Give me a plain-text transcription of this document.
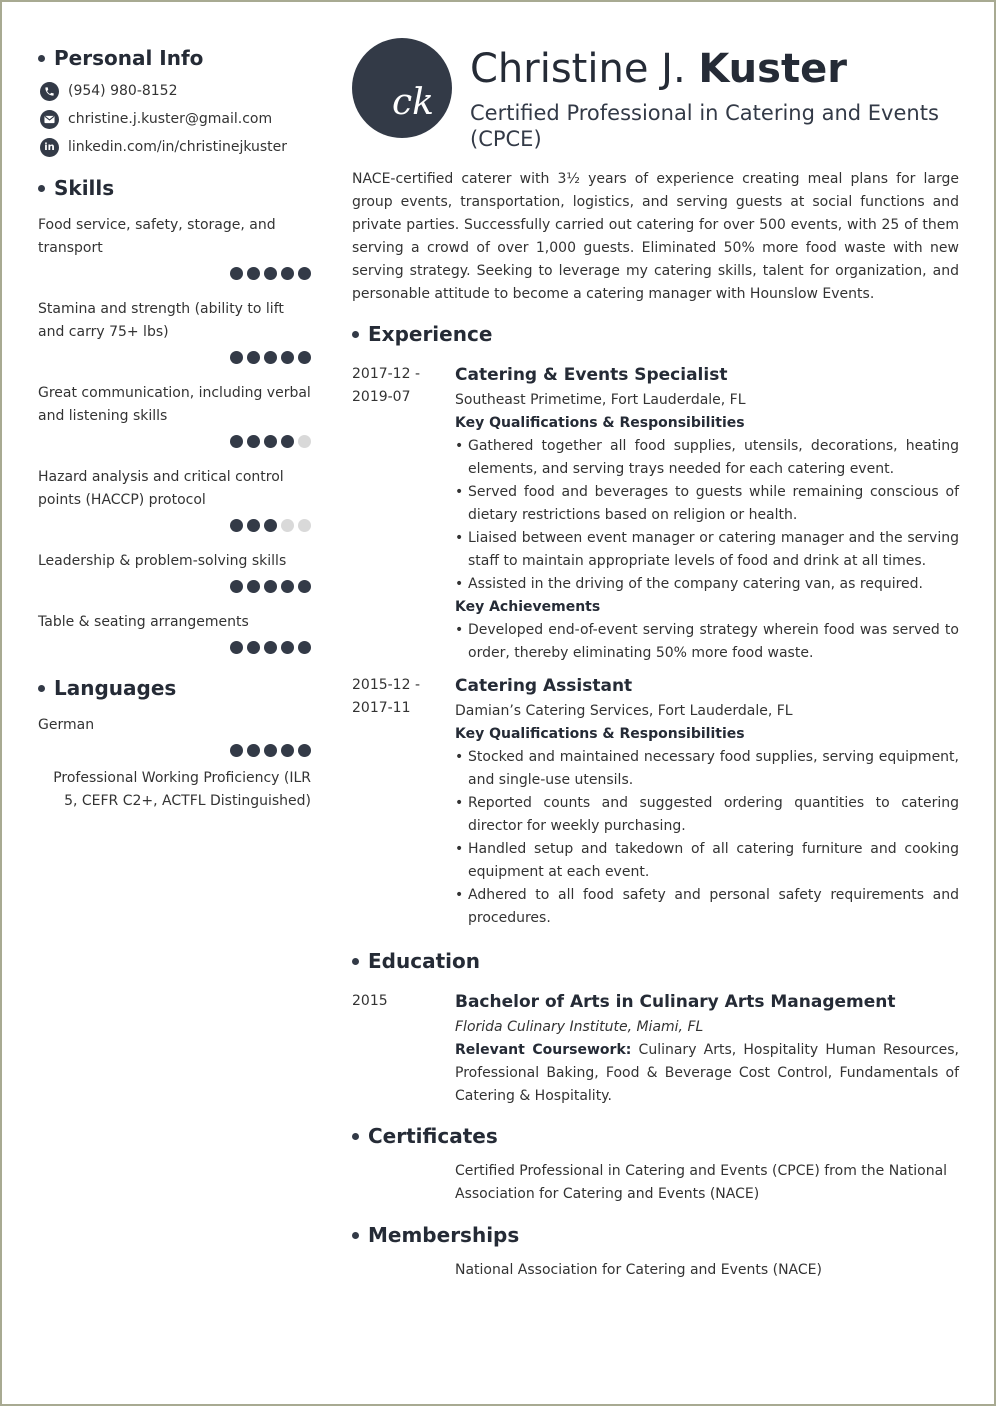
Personal Info
(954) 980-8152
christine.j.kuster@gmail.com
in linkedin.com/in/christinejkuster
Skills
Food service, safety, storage, and transport
Stamina and strength (ability to lift and carry 75+ lbs)
Great communication, including verbal and listening skills
Hazard analysis and critical control points (HACCP) protocol
Leadership & problem-solving skills
Table & seating arrangements
Languages
German
Professional Working Proficiency (ILR 5, CEFR C2+, ACTFL Distinguished)
ck
Christine J. Kuster
Certified Professional in Catering and Events (CPCE)
NACE-certified caterer with 3½ years of experience creating meal plans for large group events, transportation, logistics, and serving guests at social functions and private parties. Successfully carried out catering for over 500 events, with 25 of them serving a crowd of over 1,000 guests. Eliminated 50% more food waste with new serving strategy. Seeking to leverage my catering skills, talent for organization, and personable attitude to become a catering manager with Hounslow Events.
Experience
2017-12 - 2019-07
Catering & Events Specialist
Southeast Primetime, Fort Lauderdale, FL
Key Qualifications & Responsibilities
• Gathered together all food supplies, utensils, decorations, heating elements, and serving trays needed for each catering event.
• Served food and beverages to guests while remaining conscious of dietary restrictions based on religion or health.
• Liaised between event manager or catering manager and the serving staff to maintain appropriate levels of food and drink at all times.
• Assisted in the driving of the company catering van, as required.
Key Achievements
• Developed end-of-event serving strategy wherein food was served to order, thereby eliminating 50% more food waste.
2015-12 - 2017-11
Catering Assistant
Damian’s Catering Services, Fort Lauderdale, FL
Key Qualifications & Responsibilities
• Stocked and maintained necessary food supplies, serving equipment, and single-use utensils.
• Reported counts and suggested ordering quantities to catering director for weekly purchasing.
• Handled setup and takedown of all catering furniture and cooking equipment at each event.
• Adhered to all food safety and personal safety requirements and procedures.
Education
2015	Bachelor of Arts in Culinary Arts Management
Florida Culinary Institute, Miami, FL
Relevant Coursework: Culinary Arts, Hospitality Human Resources, Professional Baking, Food & Beverage Cost Control, Fundamentals of Catering & Hospitality.
Certificates
Certified Professional in Catering and Events (CPCE) from the National Association for Catering and Events (NACE)
Memberships
National Association for Catering and Events (NACE)
